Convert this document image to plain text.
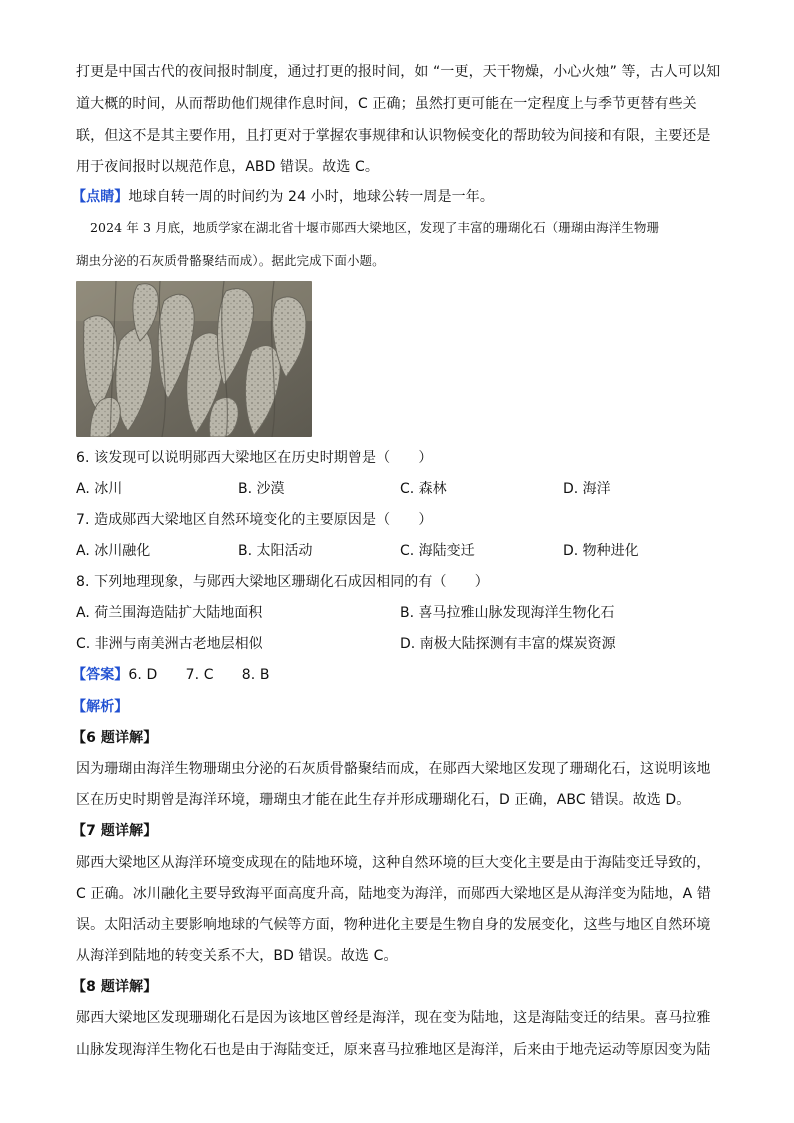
打更是中国古代的夜间报时制度，通过打更的报时间，如 “一更，天干物燥，小心火烛” 等，古人可以知
道大概的时间，从而帮助他们规律作息时间，C 正确；虽然打更可能在一定程度上与季节更替有些关
联，但这不是其主要作用，且打更对于掌握农事规律和认识物候变化的帮助较为间接和有限，主要还是
用于夜间报时以规范作息，ABD 错误。故选 C。
【点睛】地球自转一周的时间约为 24 小时，地球公转一周是一年。
2024 年 3 月底，地质学家在湖北省十堰市郧西大梁地区，发现了丰富的珊瑚化石（珊瑚由海洋生物珊
瑚虫分泌的石灰质骨骼聚结而成）。据此完成下面小题。
6. 该发现可以说明郧西大梁地区在历史时期曾是（　　）
A. 冰川	B. 沙漠	C. 森林	D. 海洋
7. 造成郧西大梁地区自然环境变化的主要原因是（　　）
A. 冰川融化	B. 太阳活动	C. 海陆变迁	D. 物种进化
8. 下列地理现象，与郧西大梁地区珊瑚化石成因相同的有（　　）
A. 荷兰围海造陆扩大陆地面积	B. 喜马拉雅山脉发现海洋生物化石
C. 非洲与南美洲古老地层相似	D. 南极大陆探测有丰富的煤炭资源
【答案】6. D　　7. C　　8. B
【解析】
【6 题详解】
因为珊瑚由海洋生物珊瑚虫分泌的石灰质骨骼聚结而成，在郧西大梁地区发现了珊瑚化石，这说明该地
区在历史时期曾是海洋环境，珊瑚虫才能在此生存并形成珊瑚化石，D 正确，ABC 错误。故选 D。
【7 题详解】
郧西大梁地区从海洋环境变成现在的陆地环境，这种自然环境的巨大变化主要是由于海陆变迁导致的，
C 正确。冰川融化主要导致海平面高度升高，陆地变为海洋，而郧西大梁地区是从海洋变为陆地，A 错
误。太阳活动主要影响地球的气候等方面，物种进化主要是生物自身的发展变化，这些与地区自然环境
从海洋到陆地的转变关系不大，BD 错误。故选 C。
【8 题详解】
郧西大梁地区发现珊瑚化石是因为该地区曾经是海洋，现在变为陆地，这是海陆变迁的结果。喜马拉雅
山脉发现海洋生物化石也是由于海陆变迁，原来喜马拉雅地区是海洋，后来由于地壳运动等原因变为陆
